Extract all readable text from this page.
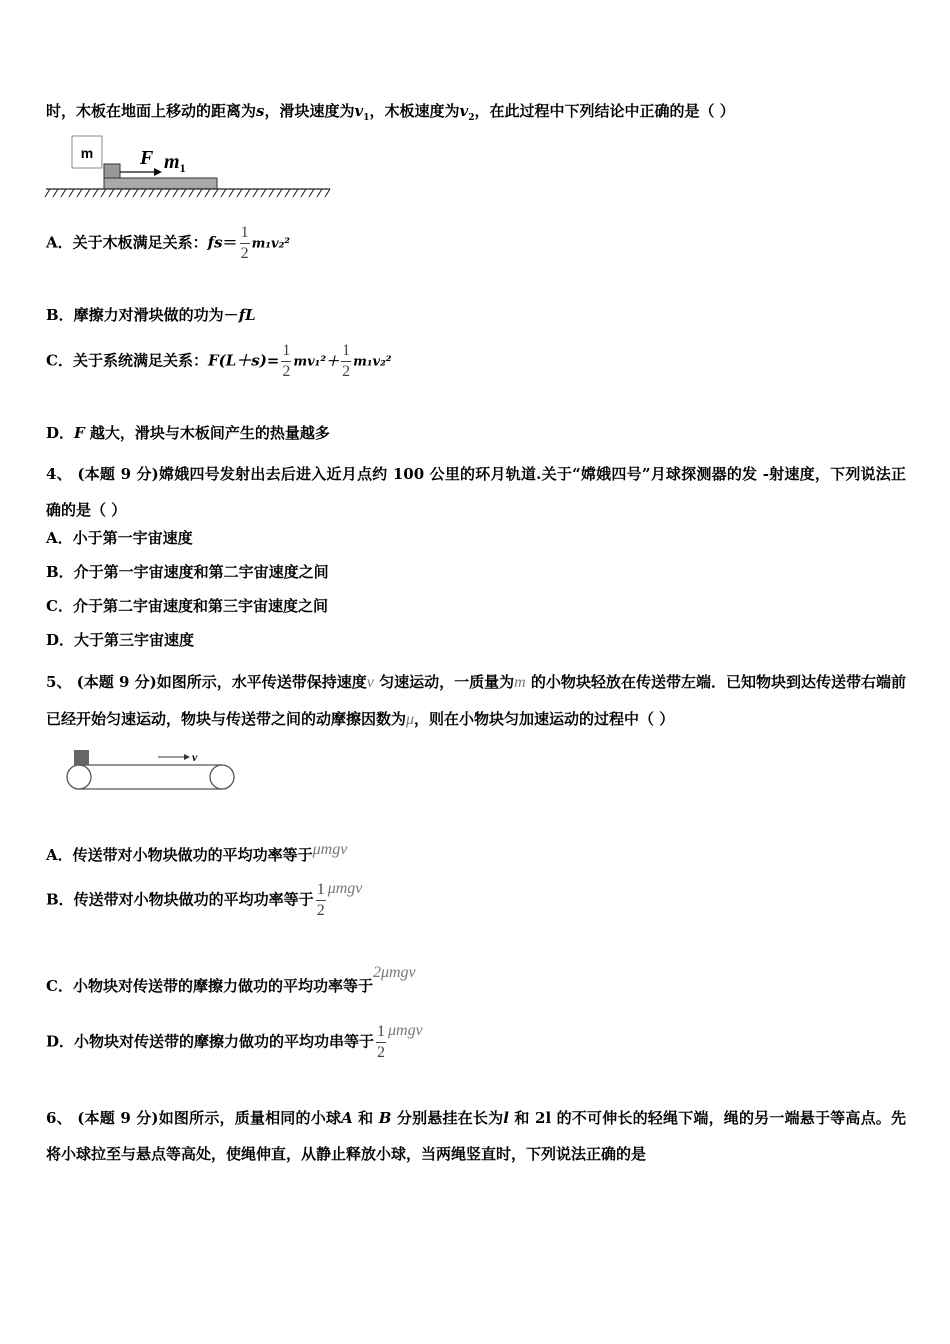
时，木板在地面上移动的距离为s，滑块速度为$v_1$，木板速度为$v_2$，在此过程中下列结论中正确的是（ ）
m F $m_1$
A．关于木板满足关系：$fs= \frac{1}{2} m_1v_2^2$
B．摩擦力对滑块做的功为－fL
C．关于系统满足关系：$F(L+s)= \frac{1}{2} mv_1^2+ \frac{1}{2} m_1v_2^2$
D．F 越大，滑块与木板间产生的热量越多
4、 (本题 9 分)嫦娥四号发射出去后进入近月点约 100 公里的环月轨道.关于“嫦娥四号”月球探测器的发 -射速度，下列说法正确的是（ ）
A．小于第一宇宙速度
B．介于第一宇宙速度和第二宇宙速度之间
C．介于第二宇宙速度和第三宇宙速度之间
D．大于第三宇宙速度
5、 (本题 9 分)如图所示，水平传送带保持速度v 匀速运动，一质量为m 的小物块轻放在传送带左端．已知物块到达传送带右端前已经开始匀速运动，物块与传送带之间的动摩擦因数为μ，则在小物块匀加速运动的过程中（ ）
v
A．传送带对小物块做功的平均功率等于μmgv
B．传送带对小物块做功的平均功率等于 $\frac{1}{2}$ μmgv
C．小物块对传送带的摩擦力做功的平均功率等于2μmgv
D．小物块对传送带的摩擦力做功的平均功串等于 $\frac{1}{2}$ μmgv
6、 (本题 9 分)如图所示，质量相同的小球A 和 B 分别悬挂在长为l 和 2l 的不可伸长的轻绳下端，绳的另一端悬于等高点。先将小球拉至与悬点等高处，使绳伸直，从静止释放小球，当两绳竖直时，下列说法正确的是
